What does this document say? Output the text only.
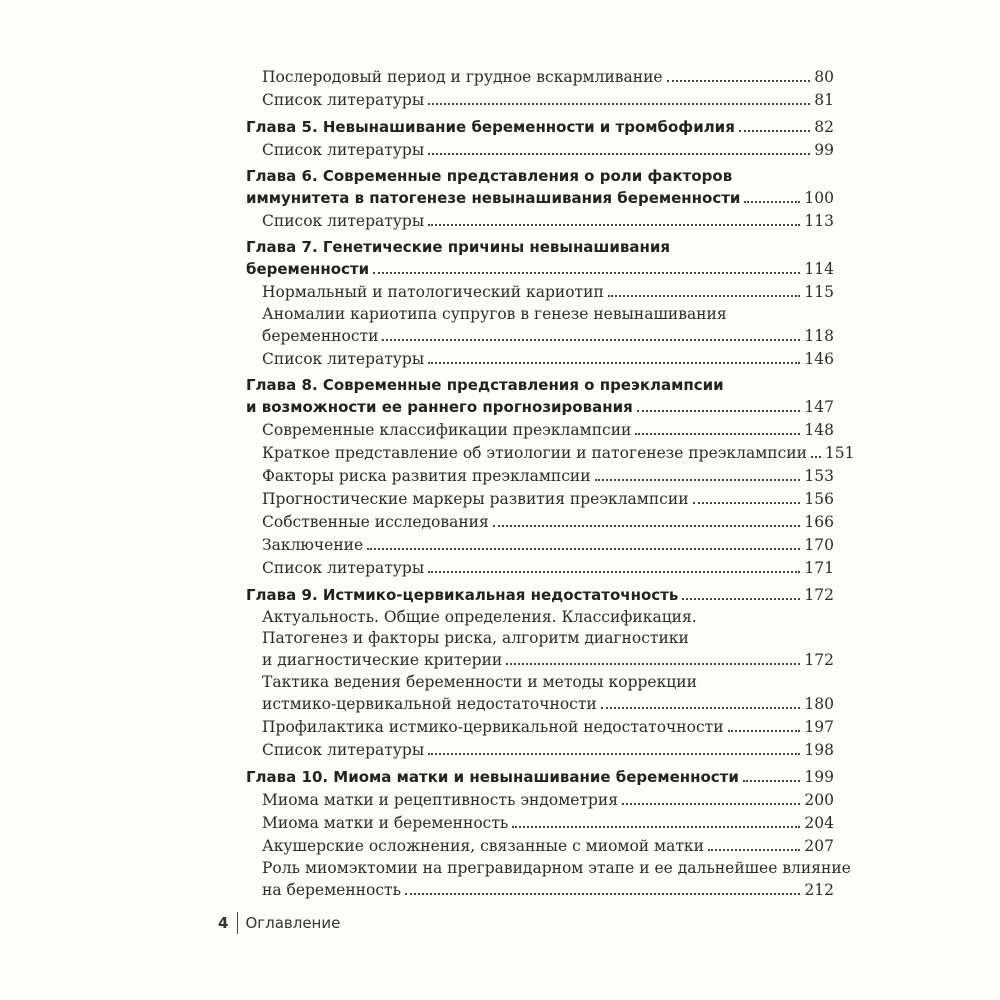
Послеродовый период и грудное вскармливание	80
Список литературы	81
Глава 5. Невынашивание беременности и тромбофилия	82
Список литературы	99
Глава 6. Современные представления о роли факторов
иммунитета в патогенезе невынашивания беременности	100
Список литературы	113
Глава 7. Генетические причины невынашивания
беременности	114
Нормальный и патологический кариотип	115
Аномалии кариотипа супругов в генезе невынашивания
беременности	118
Список литературы	146
Глава 8. Современные представления о преэклампсии
и возможности ее раннего прогнозирования	147
Современные классификации преэклампсии	148
Краткое представление об этиологии и патогенезе преэклампсии 151
Факторы риска развития преэклампсии	153
Прогностические маркеры развития преэклампсии	156
Собственные исследования	166
Заключение	170
Список литературы	171
Глава 9. Истмико-цервикальная недостаточность	172
Актуальность. Общие определения. Классификация.
Патогенез и факторы риска, алгоритм диагностики
и диагностические критерии	172
Тактика ведения беременности и методы коррекции
истмико-цервикальной недостаточности	180
Профилактика истмико-цервикальной недостаточности	197
Список литературы	198
Глава 10. Миома матки и невынашивание беременности	199
Миома матки и рецептивность эндометрия	200
Миома матки и беременность	204
Акушерские осложнения, связанные с миомой матки	207
Роль миомэктомии на прегравидарном этапе и ее дальнейшее влияние
на беременность	212
4 Оглавление
